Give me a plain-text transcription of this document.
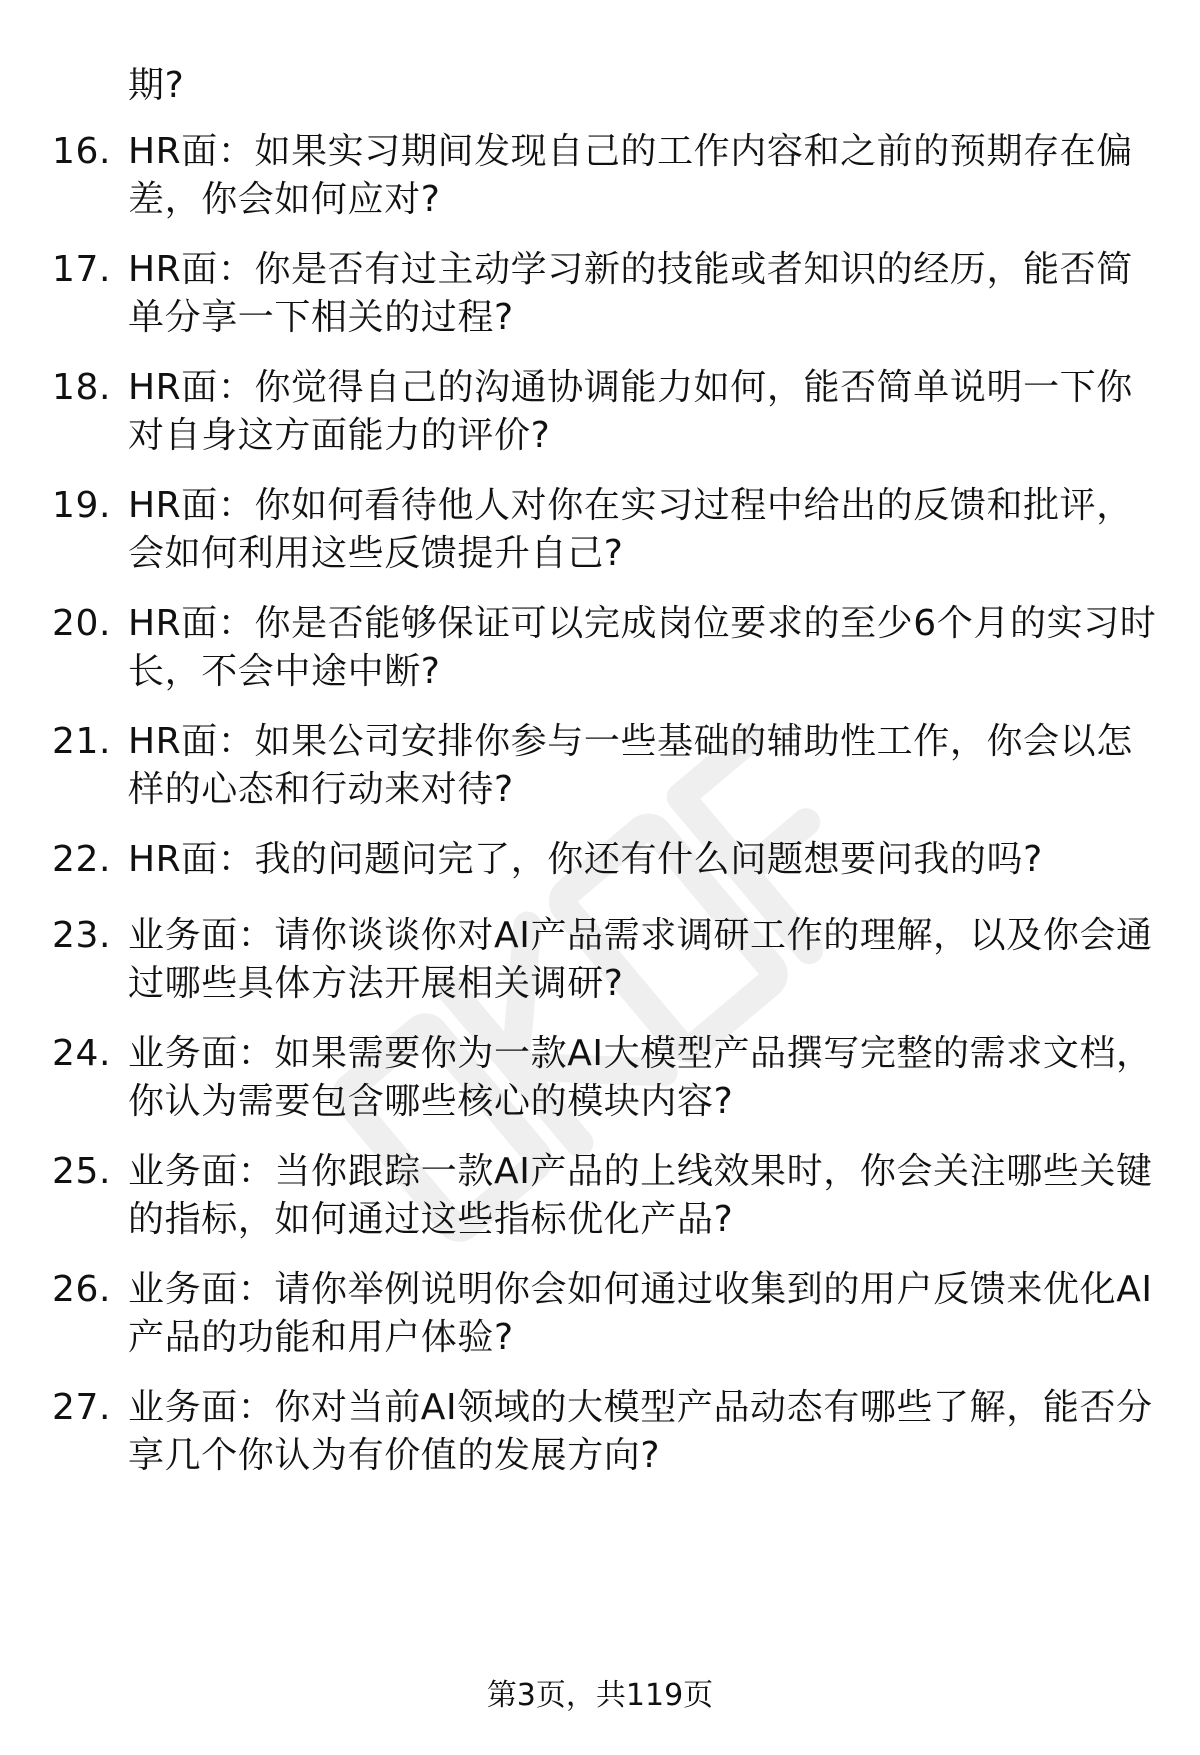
期?
16. HR面：如果实习期间发现自己的工作内容和之前的预期存在偏差，你会如何应对?
17. HR面：你是否有过主动学习新的技能或者知识的经历，能否简单分享一下相关的过程?
18. HR面：你觉得自己的沟通协调能力如何，能否简单说明一下你对自身这方面能力的评价?
19. HR面：你如何看待他人对你在实习过程中给出的反馈和批评，会如何利用这些反馈提升自己?
20. HR面：你是否能够保证可以完成岗位要求的至少6个月的实习时长，不会中途中断?
21. HR面：如果公司安排你参与一些基础的辅助性工作，你会以怎样的心态和行动来对待?
22. HR面：我的问题问完了，你还有什么问题想要问我的吗?
23. 业务面：请你谈谈你对AI产品需求调研工作的理解，以及你会通过哪些具体方法开展相关调研?
24. 业务面：如果需要你为一款AI大模型产品撰写完整的需求文档，你认为需要包含哪些核心的模块内容?
25. 业务面：当你跟踪一款AI产品的上线效果时，你会关注哪些关键的指标，如何通过这些指标优化产品?
26. 业务面：请你举例说明你会如何通过收集到的用户反馈来优化AI产品的功能和用户体验?
27. 业务面：你对当前AI领域的大模型产品动态有哪些了解，能否分享几个你认为有价值的发展方向?
第3页，共119页
